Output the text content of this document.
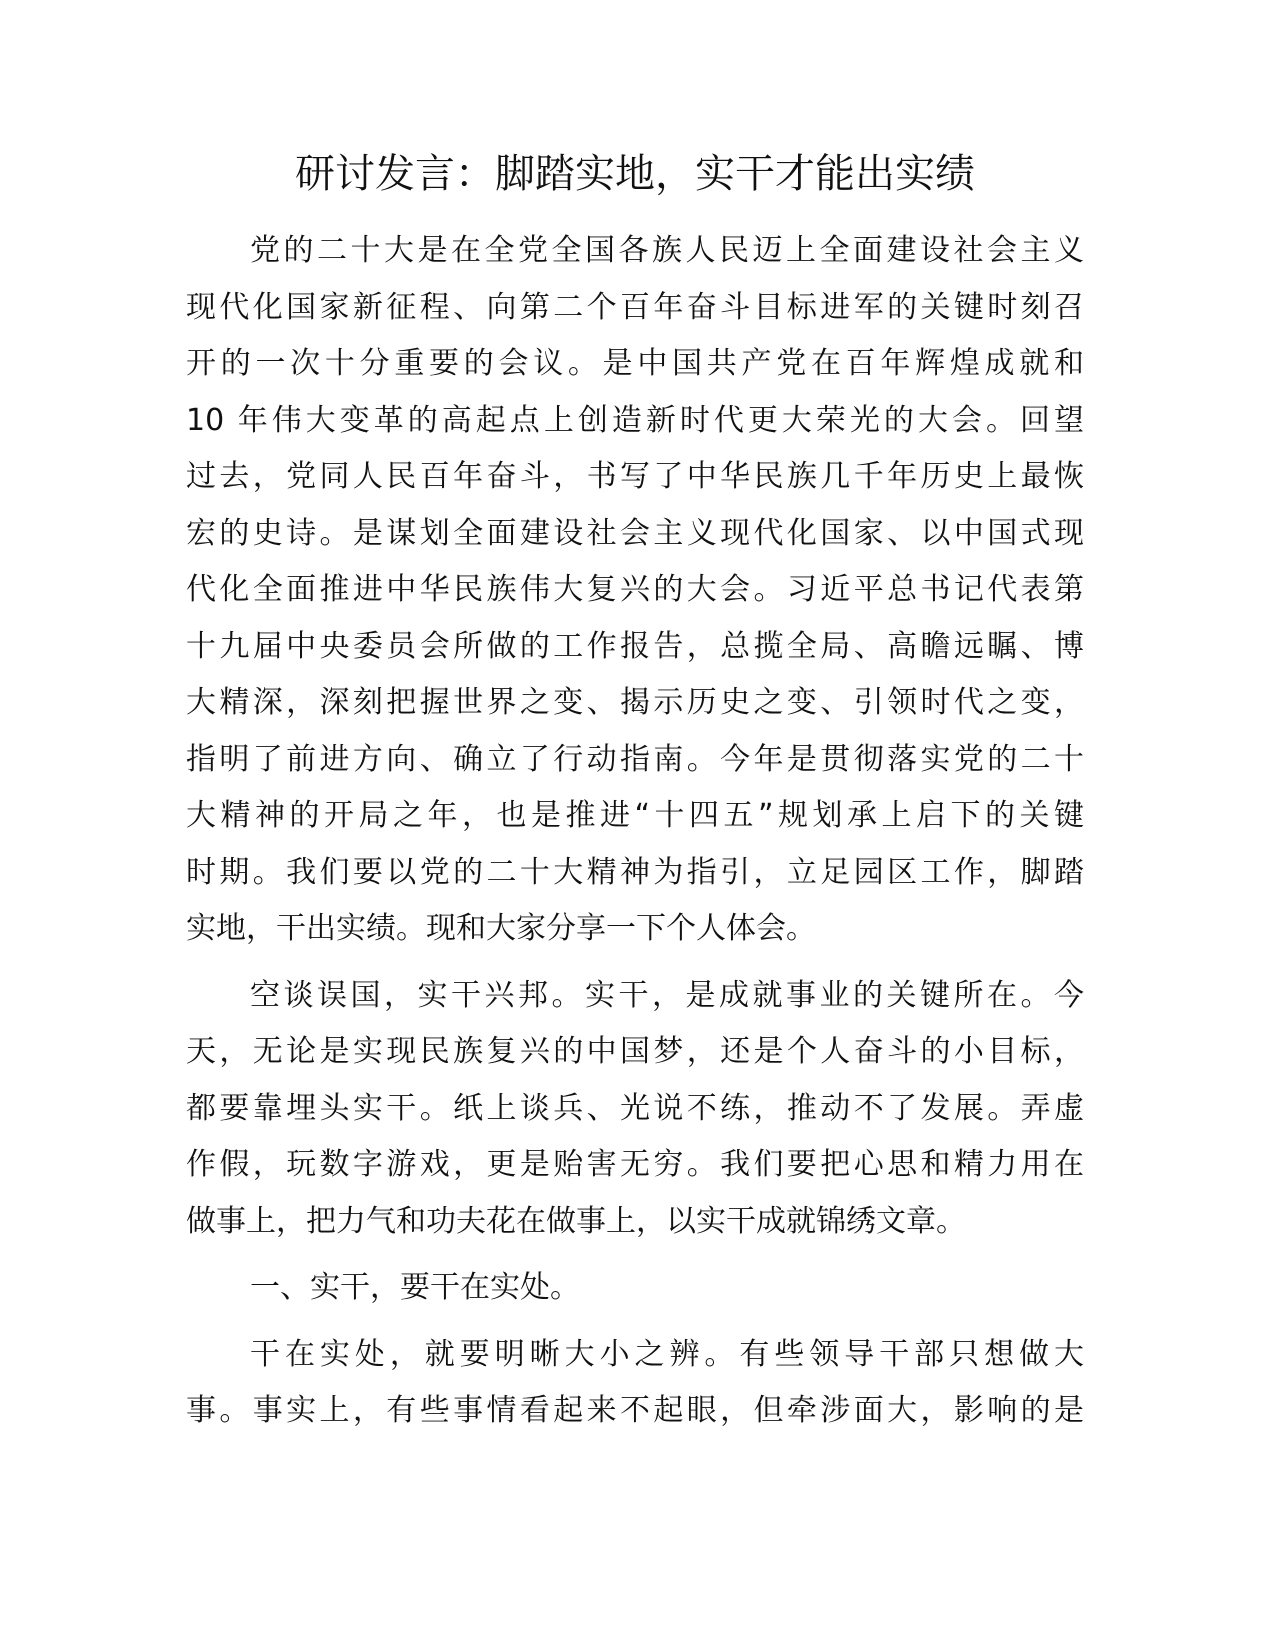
研讨发言：脚踏实地，实干才能出实绩

党的二十大是在全党全国各族人民迈上全面建设社会主义
现代化国家新征程、向第二个百年奋斗目标进军的关键时刻召
开的一次十分重要的会议。是中国共产党在百年辉煌成就和
10 年伟大变革的高起点上创造新时代更大荣光的大会。回望
过去，党同人民百年奋斗，书写了中华民族几千年历史上最恢
宏的史诗。是谋划全面建设社会主义现代化国家、以中国式现
代化全面推进中华民族伟大复兴的大会。习近平总书记代表第
十九届中央委员会所做的工作报告，总揽全局、高瞻远瞩、博
大精深，深刻把握世界之变、揭示历史之变、引领时代之变，
指明了前进方向、确立了行动指南。今年是贯彻落实党的二十
大精神的开局之年，也是推进“十四五”规划承上启下的关键
时期。我们要以党的二十大精神为指引，立足园区工作，脚踏
实地，干出实绩。现和大家分享一下个人体会。

空谈误国，实干兴邦。实干，是成就事业的关键所在。今
天，无论是实现民族复兴的中国梦，还是个人奋斗的小目标，
都要靠埋头实干。纸上谈兵、光说不练，推动不了发展。弄虚
作假，玩数字游戏，更是贻害无穷。我们要把心思和精力用在
做事上，把力气和功夫花在做事上，以实干成就锦绣文章。

一、实干，要干在实处。

干在实处，就要明晰大小之辨。有些领导干部只想做大
事。事实上，有些事情看起来不起眼，但牵涉面大，影响的是
